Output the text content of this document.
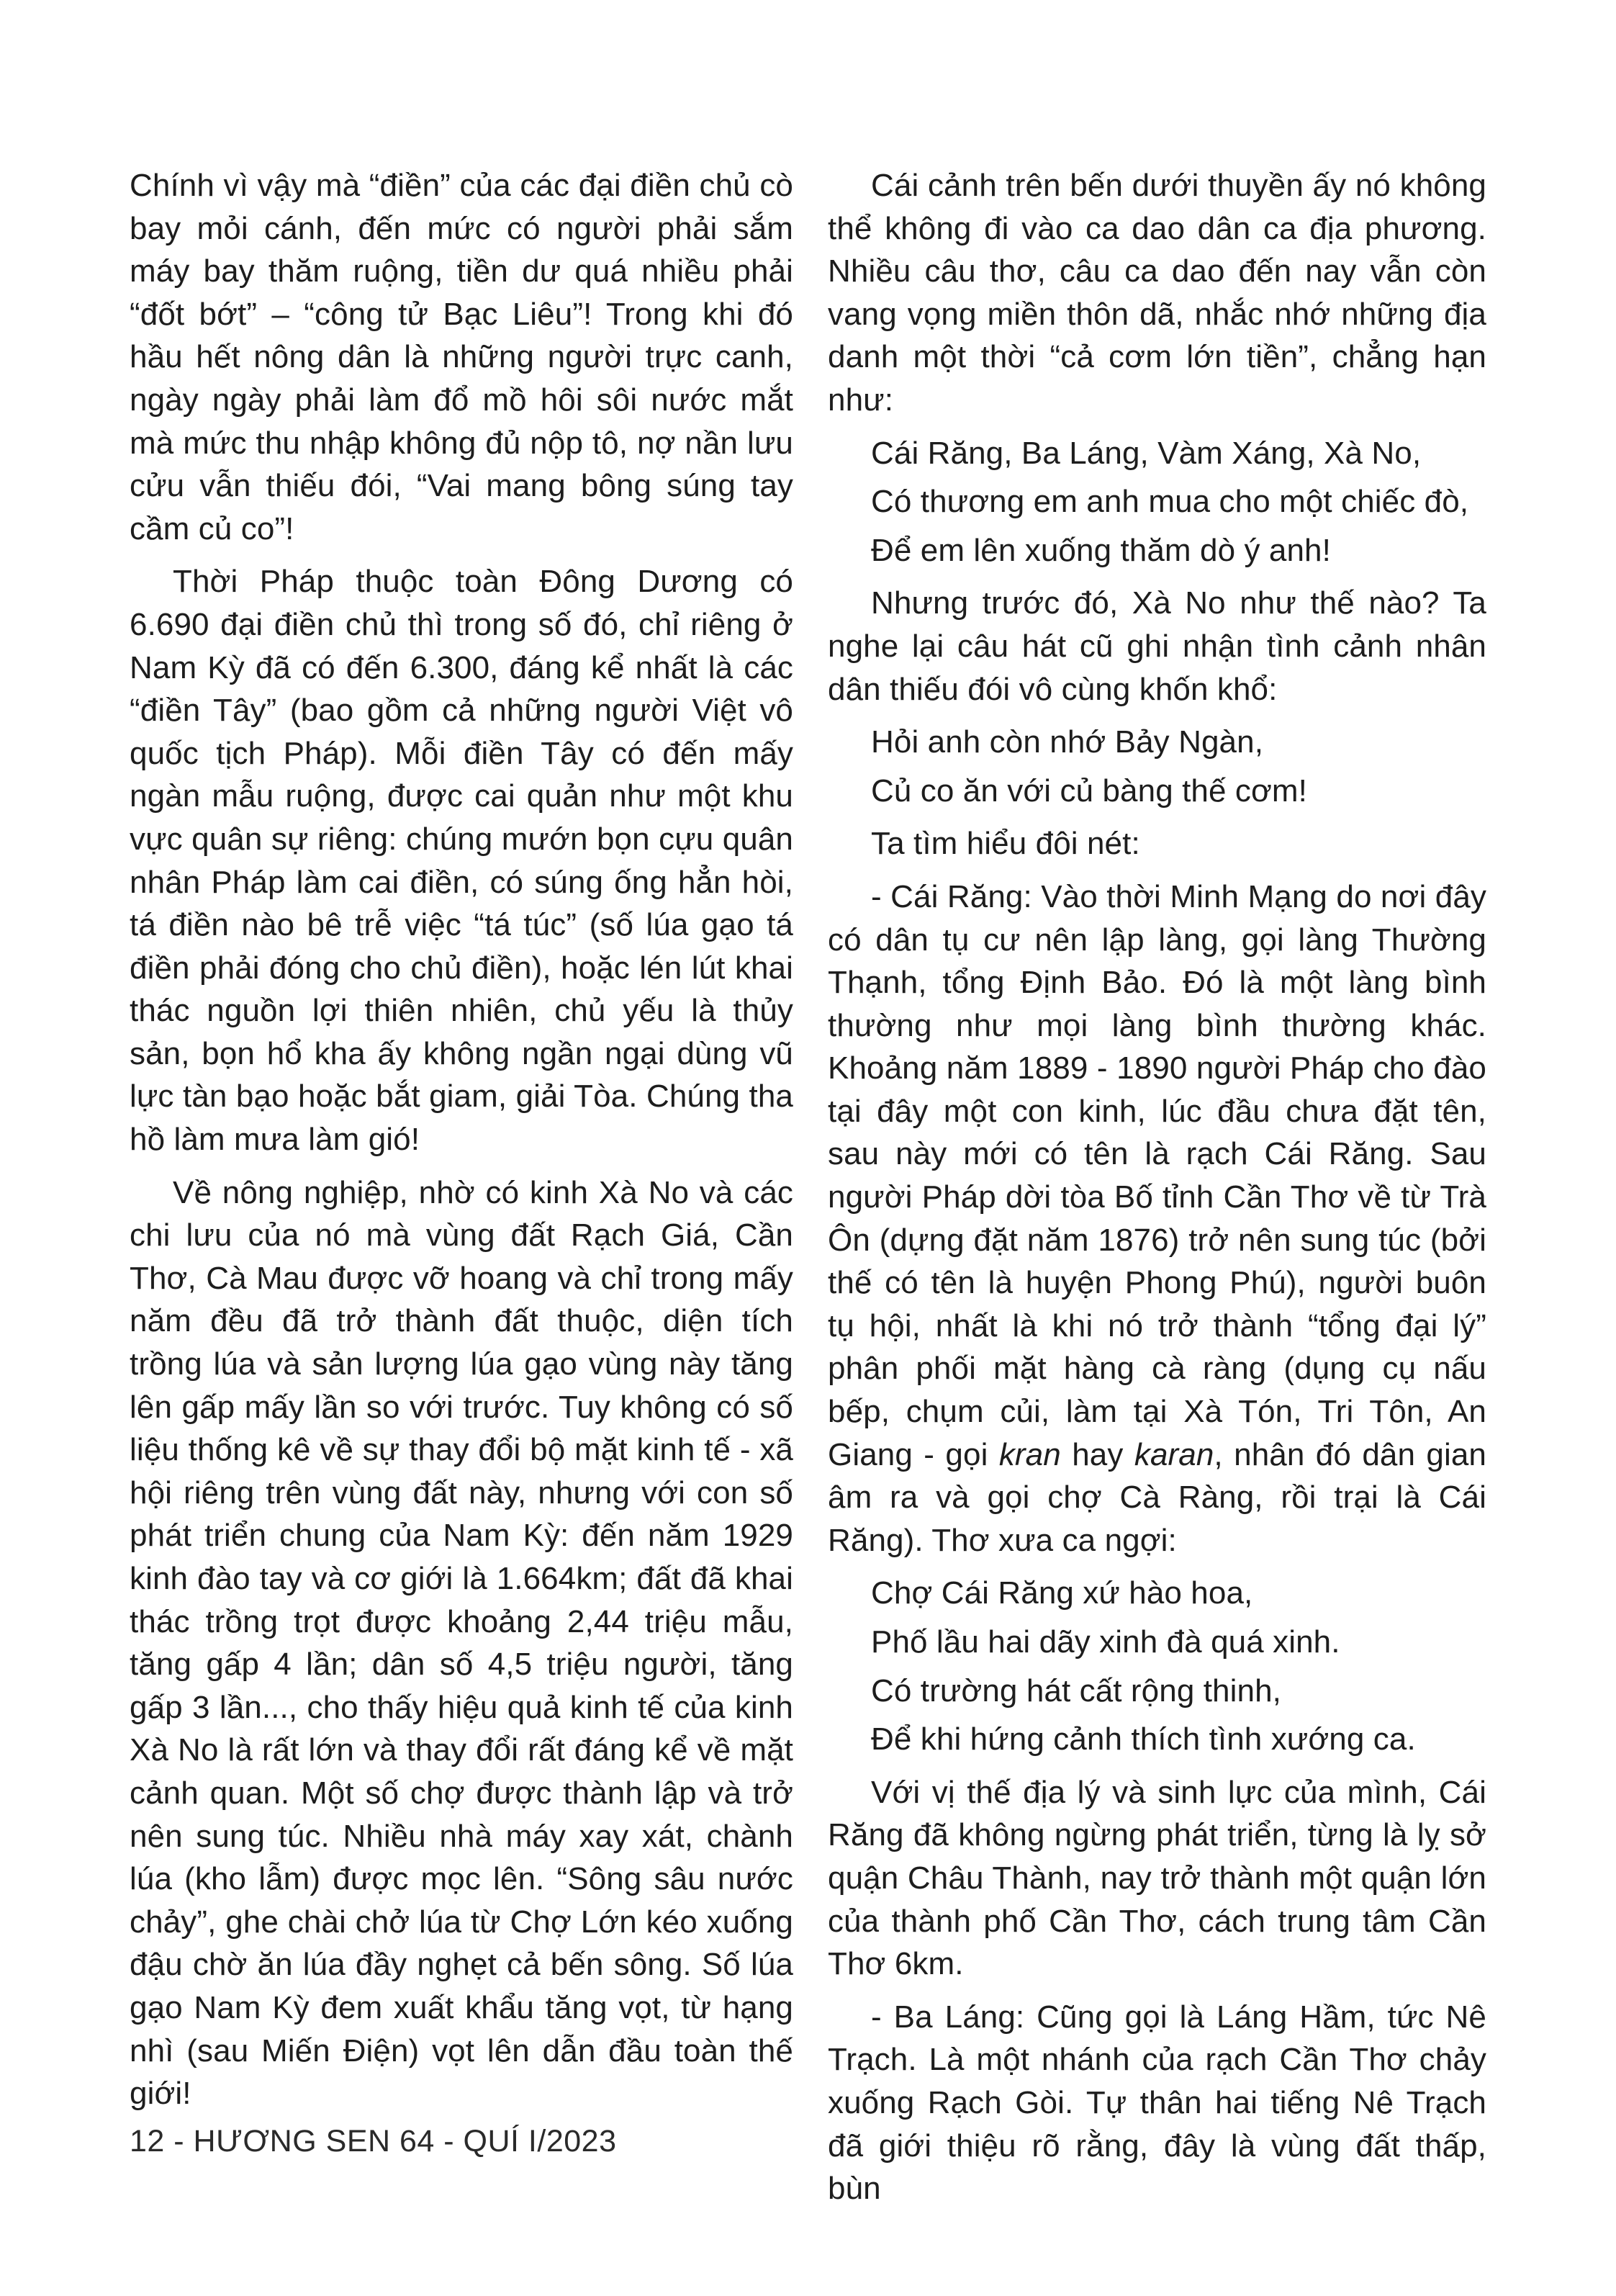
Chính vì vậy mà “điền” của các đại điền chủ cò bay mỏi cánh, đến mức có người phải sắm máy bay thăm ruộng, tiền dư quá nhiều phải “đốt bớt” – “công tử Bạc Liêu”! Trong khi đó hầu hết nông dân là những người trực canh, ngày ngày phải làm đổ mồ hôi sôi nước mắt mà mức thu nhập không đủ nộp tô, nợ nần lưu cửu vẫn thiếu đói, “Vai mang bông súng tay cầm củ co”!

Thời Pháp thuộc toàn Đông Dương có 6.690 đại điền chủ thì trong số đó, chỉ riêng ở Nam Kỳ đã có đến 6.300, đáng kể nhất là các “điền Tây” (bao gồm cả những người Việt vô quốc tịch Pháp). Mỗi điền Tây có đến mấy ngàn mẫu ruộng, được cai quản như một khu vực quân sự riêng: chúng mướn bọn cựu quân nhân Pháp làm cai điền, có súng ống hẳn hòi, tá điền nào bê trễ việc “tá túc” (số lúa gạo tá điền phải đóng cho chủ điền), hoặc lén lút khai thác nguồn lợi thiên nhiên, chủ yếu là thủy sản, bọn hổ kha ấy không ngần ngại dùng vũ lực tàn bạo hoặc bắt giam, giải Tòa. Chúng tha hồ làm mưa làm gió!

Về nông nghiệp, nhờ có kinh Xà No và các chi lưu của nó mà vùng đất Rạch Giá, Cần Thơ, Cà Mau được vỡ hoang và chỉ trong mấy năm đều đã trở thành đất thuộc, diện tích trồng lúa và sản lượng lúa gạo vùng này tăng lên gấp mấy lần so với trước. Tuy không có số liệu thống kê về sự thay đổi bộ mặt kinh tế - xã hội riêng trên vùng đất này, nhưng với con số phát triển chung của Nam Kỳ: đến năm 1929 kinh đào tay và cơ giới là 1.664km; đất đã khai thác trồng trọt được khoảng 2,44 triệu mẫu, tăng gấp 4 lần; dân số 4,5 triệu người, tăng gấp 3 lần..., cho thấy hiệu quả kinh tế của kinh Xà No là rất lớn và thay đổi rất đáng kể về mặt cảnh quan. Một số chợ được thành lập và trở nên sung túc. Nhiều nhà máy xay xát, chành lúa (kho lẫm) được mọc lên. “Sông sâu nước chảy”, ghe chài chở lúa từ Chợ Lớn kéo xuống đậu chờ ăn lúa đầy nghẹt cả bến sông. Số lúa gạo Nam Kỳ đem xuất khẩu tăng vọt, từ hạng nhì (sau Miến Điện) vọt lên dẫn đầu toàn thế giới!

Cái cảnh trên bến dưới thuyền ấy nó không thể không đi vào ca dao dân ca địa phương. Nhiều câu thơ, câu ca dao đến nay vẫn còn vang vọng miền thôn dã, nhắc nhớ những địa danh một thời “cả cơm lớn tiền”, chẳng hạn như:

Cái Răng, Ba Láng, Vàm Xáng, Xà No,
Có thương em anh mua cho một chiếc đò,
Để em lên xuống thăm dò ý anh!

Nhưng trước đó, Xà No như thế nào? Ta nghe lại câu hát cũ ghi nhận tình cảnh nhân dân thiếu đói vô cùng khốn khổ:

Hỏi anh còn nhớ Bảy Ngàn,
Củ co ăn với củ bàng thế cơm!

Ta tìm hiểu đôi nét:

- Cái Răng: Vào thời Minh Mạng do nơi đây có dân tụ cư nên lập làng, gọi làng Thường Thạnh, tổng Định Bảo. Đó là một làng bình thường như mọi làng bình thường khác. Khoảng năm 1889 - 1890 người Pháp cho đào tại đây một con kinh, lúc đầu chưa đặt tên, sau này mới có tên là rạch Cái Răng. Sau người Pháp dời tòa Bố tỉnh Cần Thơ về từ Trà Ôn (dựng đặt năm 1876) trở nên sung túc (bởi thế có tên là huyện Phong Phú), người buôn tụ hội, nhất là khi nó trở thành “tổng đại lý” phân phối mặt hàng cà ràng (dụng cụ nấu bếp, chụm củi, làm tại Xà Tón, Tri Tôn, An Giang - gọi kran hay karan, nhân đó dân gian âm ra và gọi chợ Cà Ràng, rồi trại là Cái Răng). Thơ xưa ca ngợi:

Chợ Cái Răng xứ hào hoa,
Phố lầu hai dãy xinh đà quá xinh.
Có trường hát cất rộng thinh,
Để khi hứng cảnh thích tình xướng ca.

Với vị thế địa lý và sinh lực của mình, Cái Răng đã không ngừng phát triển, từng là lỵ sở quận Châu Thành, nay trở thành một quận lớn của thành phố Cần Thơ, cách trung tâm Cần Thơ 6km.

- Ba Láng: Cũng gọi là Láng Hầm, tức Nê Trạch. Là một nhánh của rạch Cần Thơ chảy xuống Rạch Gòi. Tự thân hai tiếng Nê Trạch đã giới thiệu rõ rằng, đây là vùng đất thấp, bùn

12 - HƯƠNG SEN 64 - QUÍ I/2023
